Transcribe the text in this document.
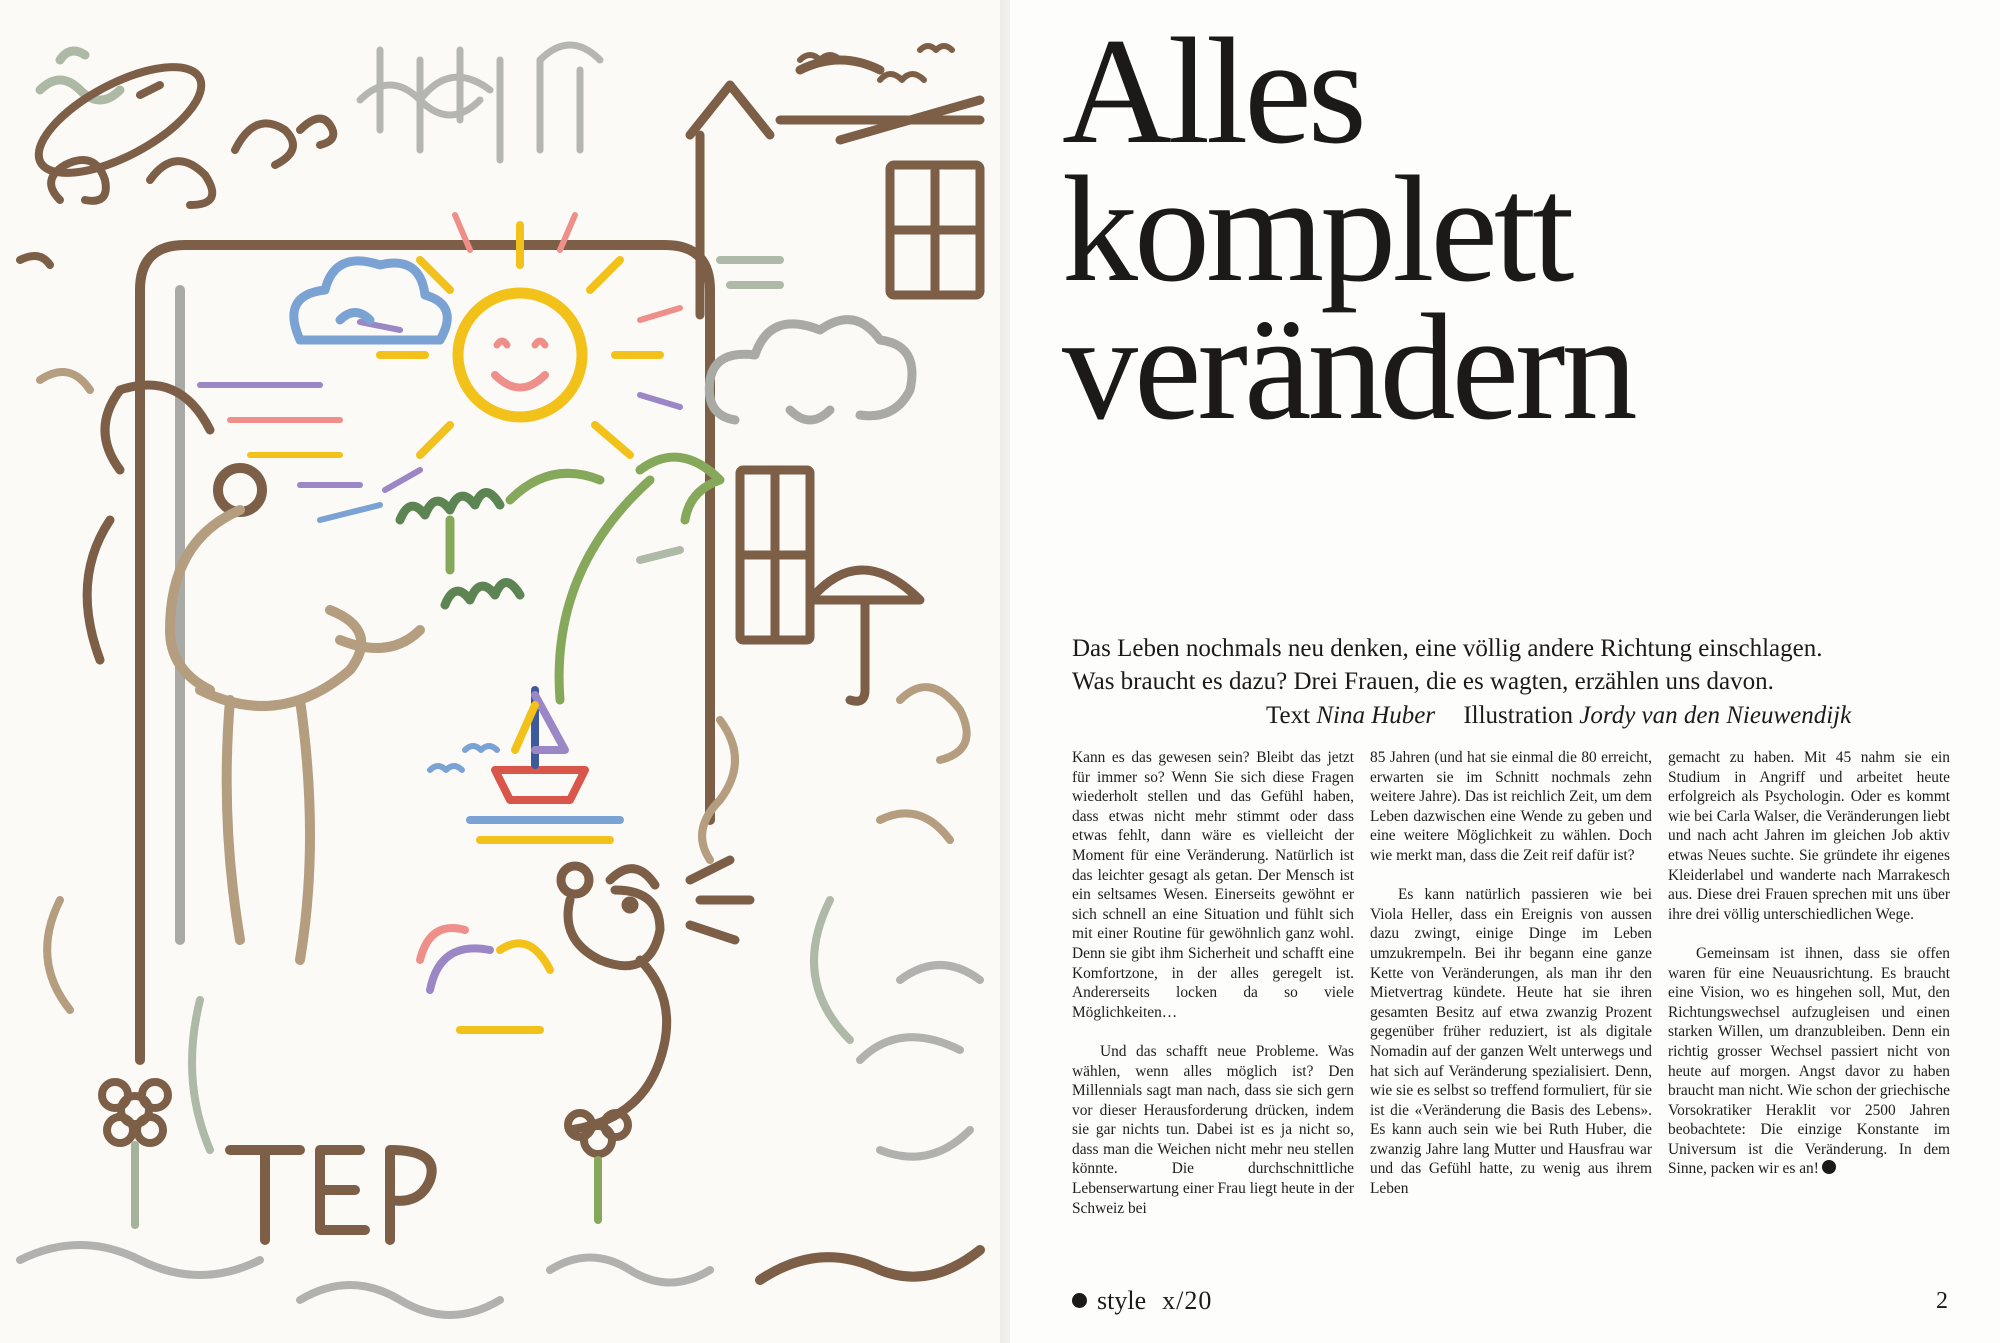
Alles
komplett
verändern

Das Leben nochmals neu denken, eine völlig andere Richtung einschlagen.

Was braucht es dazu? Drei Frauen, die es wagten, erzählen uns davon.

Text Nina Huber Illustration Jordy van den Nieuwendijk

Kann es das gewesen sein? Bleibt das jetzt für immer so? Wenn Sie sich diese Fragen wiederholt stellen und das Gefühl haben, dass etwas nicht mehr stimmt oder dass etwas fehlt, dann wäre es vielleicht der Moment für eine Veränderung. Natürlich ist das leichter gesagt als getan. Der Mensch ist ein seltsames Wesen. Einerseits gewöhnt er sich schnell an eine Situation und fühlt sich mit einer Routine für gewöhnlich ganz wohl. Denn sie gibt ihm Sicherheit und schafft eine Komfortzone, in der alles geregelt ist. Andererseits locken da so viele Möglichkeiten…

Und das schafft neue Probleme. Was wählen, wenn alles möglich ist? Den Millennials sagt man nach, dass sie sich gern vor dieser Herausforderung drücken, indem sie gar nichts tun. Dabei ist es ja nicht so, dass man die Weichen nicht mehr neu stellen könnte. Die durchschnittliche Lebenserwartung einer Frau liegt heute in der Schweiz bei

85 Jahren (und hat sie einmal die 80 erreicht, erwarten sie im Schnitt nochmals zehn weitere Jahre). Das ist reichlich Zeit, um dem Leben dazwischen eine Wende zu geben und eine weitere Möglichkeit zu wählen. Doch wie merkt man, dass die Zeit reif dafür ist?

Es kann natürlich passieren wie bei Viola Heller, dass ein Ereignis von aussen dazu zwingt, einige Dinge im Leben umzukrempeln. Bei ihr begann eine ganze Kette von Veränderungen, als man ihr den Mietvertrag kündete. Heute hat sie ihren gesamten Besitz auf etwa zwanzig Prozent gegenüber früher reduziert, ist als digitale Nomadin auf der ganzen Welt unterwegs und hat sich auf Veränderung spezialisiert. Denn, wie sie es selbst so treffend formuliert, für sie ist die «Veränderung die Basis des Lebens». Es kann auch sein wie bei Ruth Huber, die zwanzig Jahre lang Mutter und Hausfrau war und das Gefühl hatte, zu wenig aus ihrem Leben

gemacht zu haben. Mit 45 nahm sie ein Studium in Angriff und arbeitet heute erfolgreich als Psychologin. Oder es kommt wie bei Carla Walser, die Veränderungen liebt und nach acht Jahren im gleichen Job aktiv etwas Neues suchte. Sie gründete ihr eigenes Kleiderlabel und wanderte nach Marrakesch aus. Diese drei Frauen sprechen mit uns über ihre drei völlig unterschiedlichen Wege.

Gemeinsam ist ihnen, dass sie offen waren für eine Neuausrichtung. Es braucht eine Vision, wo es hingehen soll, Mut, den Richtungswechsel aufzugleisen und einen starken Willen, um dranzubleiben. Denn ein richtig grosser Wechsel passiert nicht von heute auf morgen. Angst davor zu haben braucht man nicht. Wie schon der griechische Vorsokratiker Heraklit vor 2500 Jahren beobachtete: Die einzige Konstante im Universum ist die Veränderung. In dem Sinne, packen wir es an!

style x/20	2
